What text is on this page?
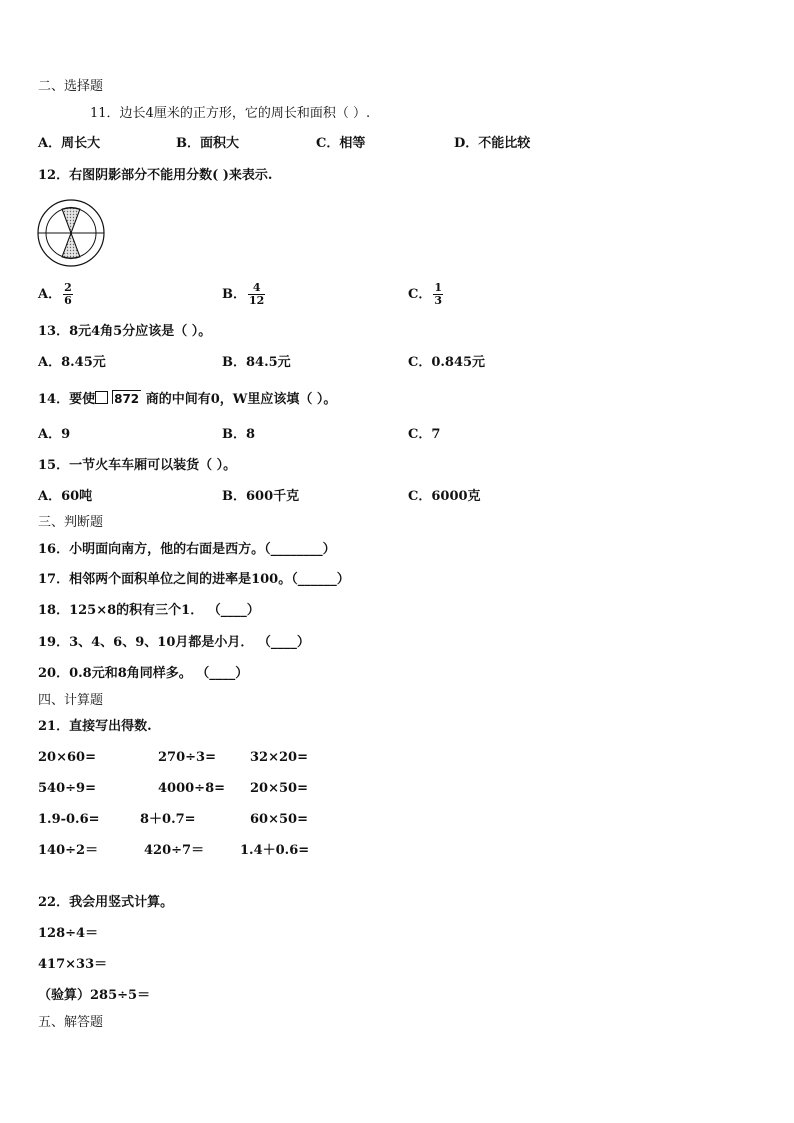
二、选择题
11．边长4厘米的正方形，它的周长和面积（ ）.
A．周长大	B．面积大	C．相等	D．不能比较
12．右图阴影部分不能用分数( )来表示.
A． $\frac{2}{6}$	B． $\frac{4}{12}$	C． $\frac{1}{3}$
13．8元4角5分应该是（ ）。
A．8.45元	B．84.5元	C．0.845元
14．要使 872 商的中间有0，W里应该填（ ）。
A．9	B．8	C．7
15．一节火车车厢可以装货（ ）。
A．60吨	B．600千克	C．6000克
三、判断题
16．小明面向南方，他的右面是西方。（________）
17．相邻两个面积单位之间的进率是100。（______）
18．125×8的积有三个1． （____）
19．3、4、6、9、10月都是小月． （____）
20．0.8元和8角同样多。 （____）
四、计算题
21．直接写出得数.
20×60=	270÷3=	32×20=
540÷9=	4000÷8= 20×50=
1.9-0.6=	8＋0.7=	60×50=
140÷2＝	420÷7＝	1.4＋0.6=
22．我会用竖式计算。
128÷4＝
417×33＝
（验算）285÷5＝
五、解答题
